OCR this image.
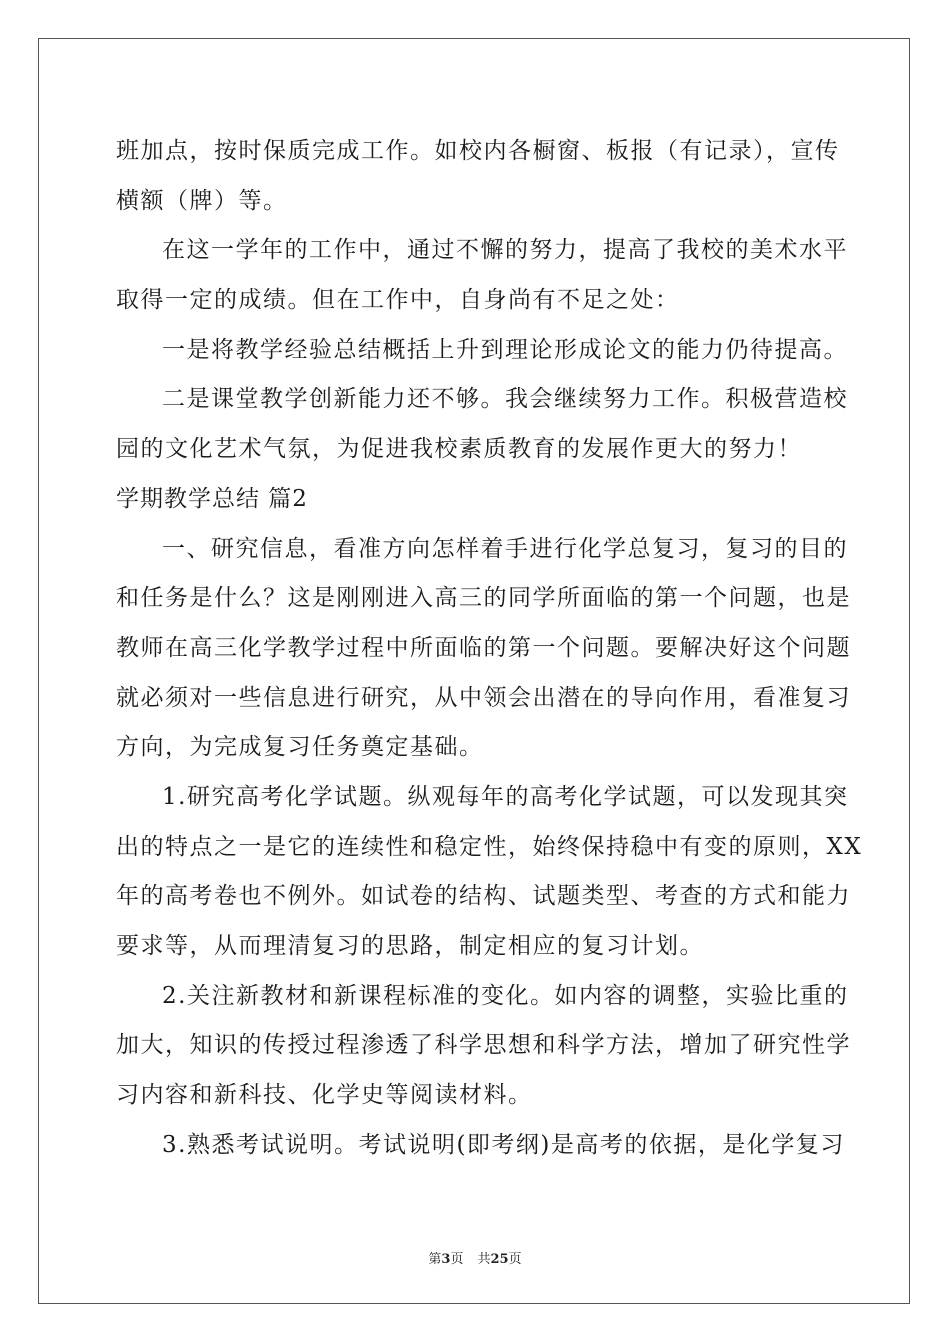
班加点，按时保质完成工作。如校内各橱窗、板报（有记录），宣传
横额（牌）等。
在这一学年的工作中，通过不懈的努力，提高了我校的美术水平
取得一定的成绩。但在工作中，自身尚有不足之处：
一是将教学经验总结概括上升到理论形成论文的能力仍待提高。
二是课堂教学创新能力还不够。我会继续努力工作。积极营造校
园的文化艺术气氛，为促进我校素质教育的发展作更大的努力！
学期教学总结 篇2
一、研究信息，看准方向怎样着手进行化学总复习，复习的目的
和任务是什么？这是刚刚进入高三的同学所面临的第一个问题，也是
教师在高三化学教学过程中所面临的第一个问题。要解决好这个问题
就必须对一些信息进行研究，从中领会出潜在的导向作用，看准复习
方向，为完成复习任务奠定基础。
1.研究高考化学试题。纵观每年的高考化学试题，可以发现其突
出的特点之一是它的连续性和稳定性，始终保持稳中有变的原则，XX
年的高考卷也不例外。如试卷的结构、试题类型、考查的方式和能力
要求等，从而理清复习的思路，制定相应的复习计划。
2.关注新教材和新课程标准的变化。如内容的调整，实验比重的
加大，知识的传授过程渗透了科学思想和科学方法，增加了研究性学
习内容和新科技、化学史等阅读材料。
3.熟悉考试说明。考试说明(即考纲)是高考的依据，是化学复习
第3页 共25页
